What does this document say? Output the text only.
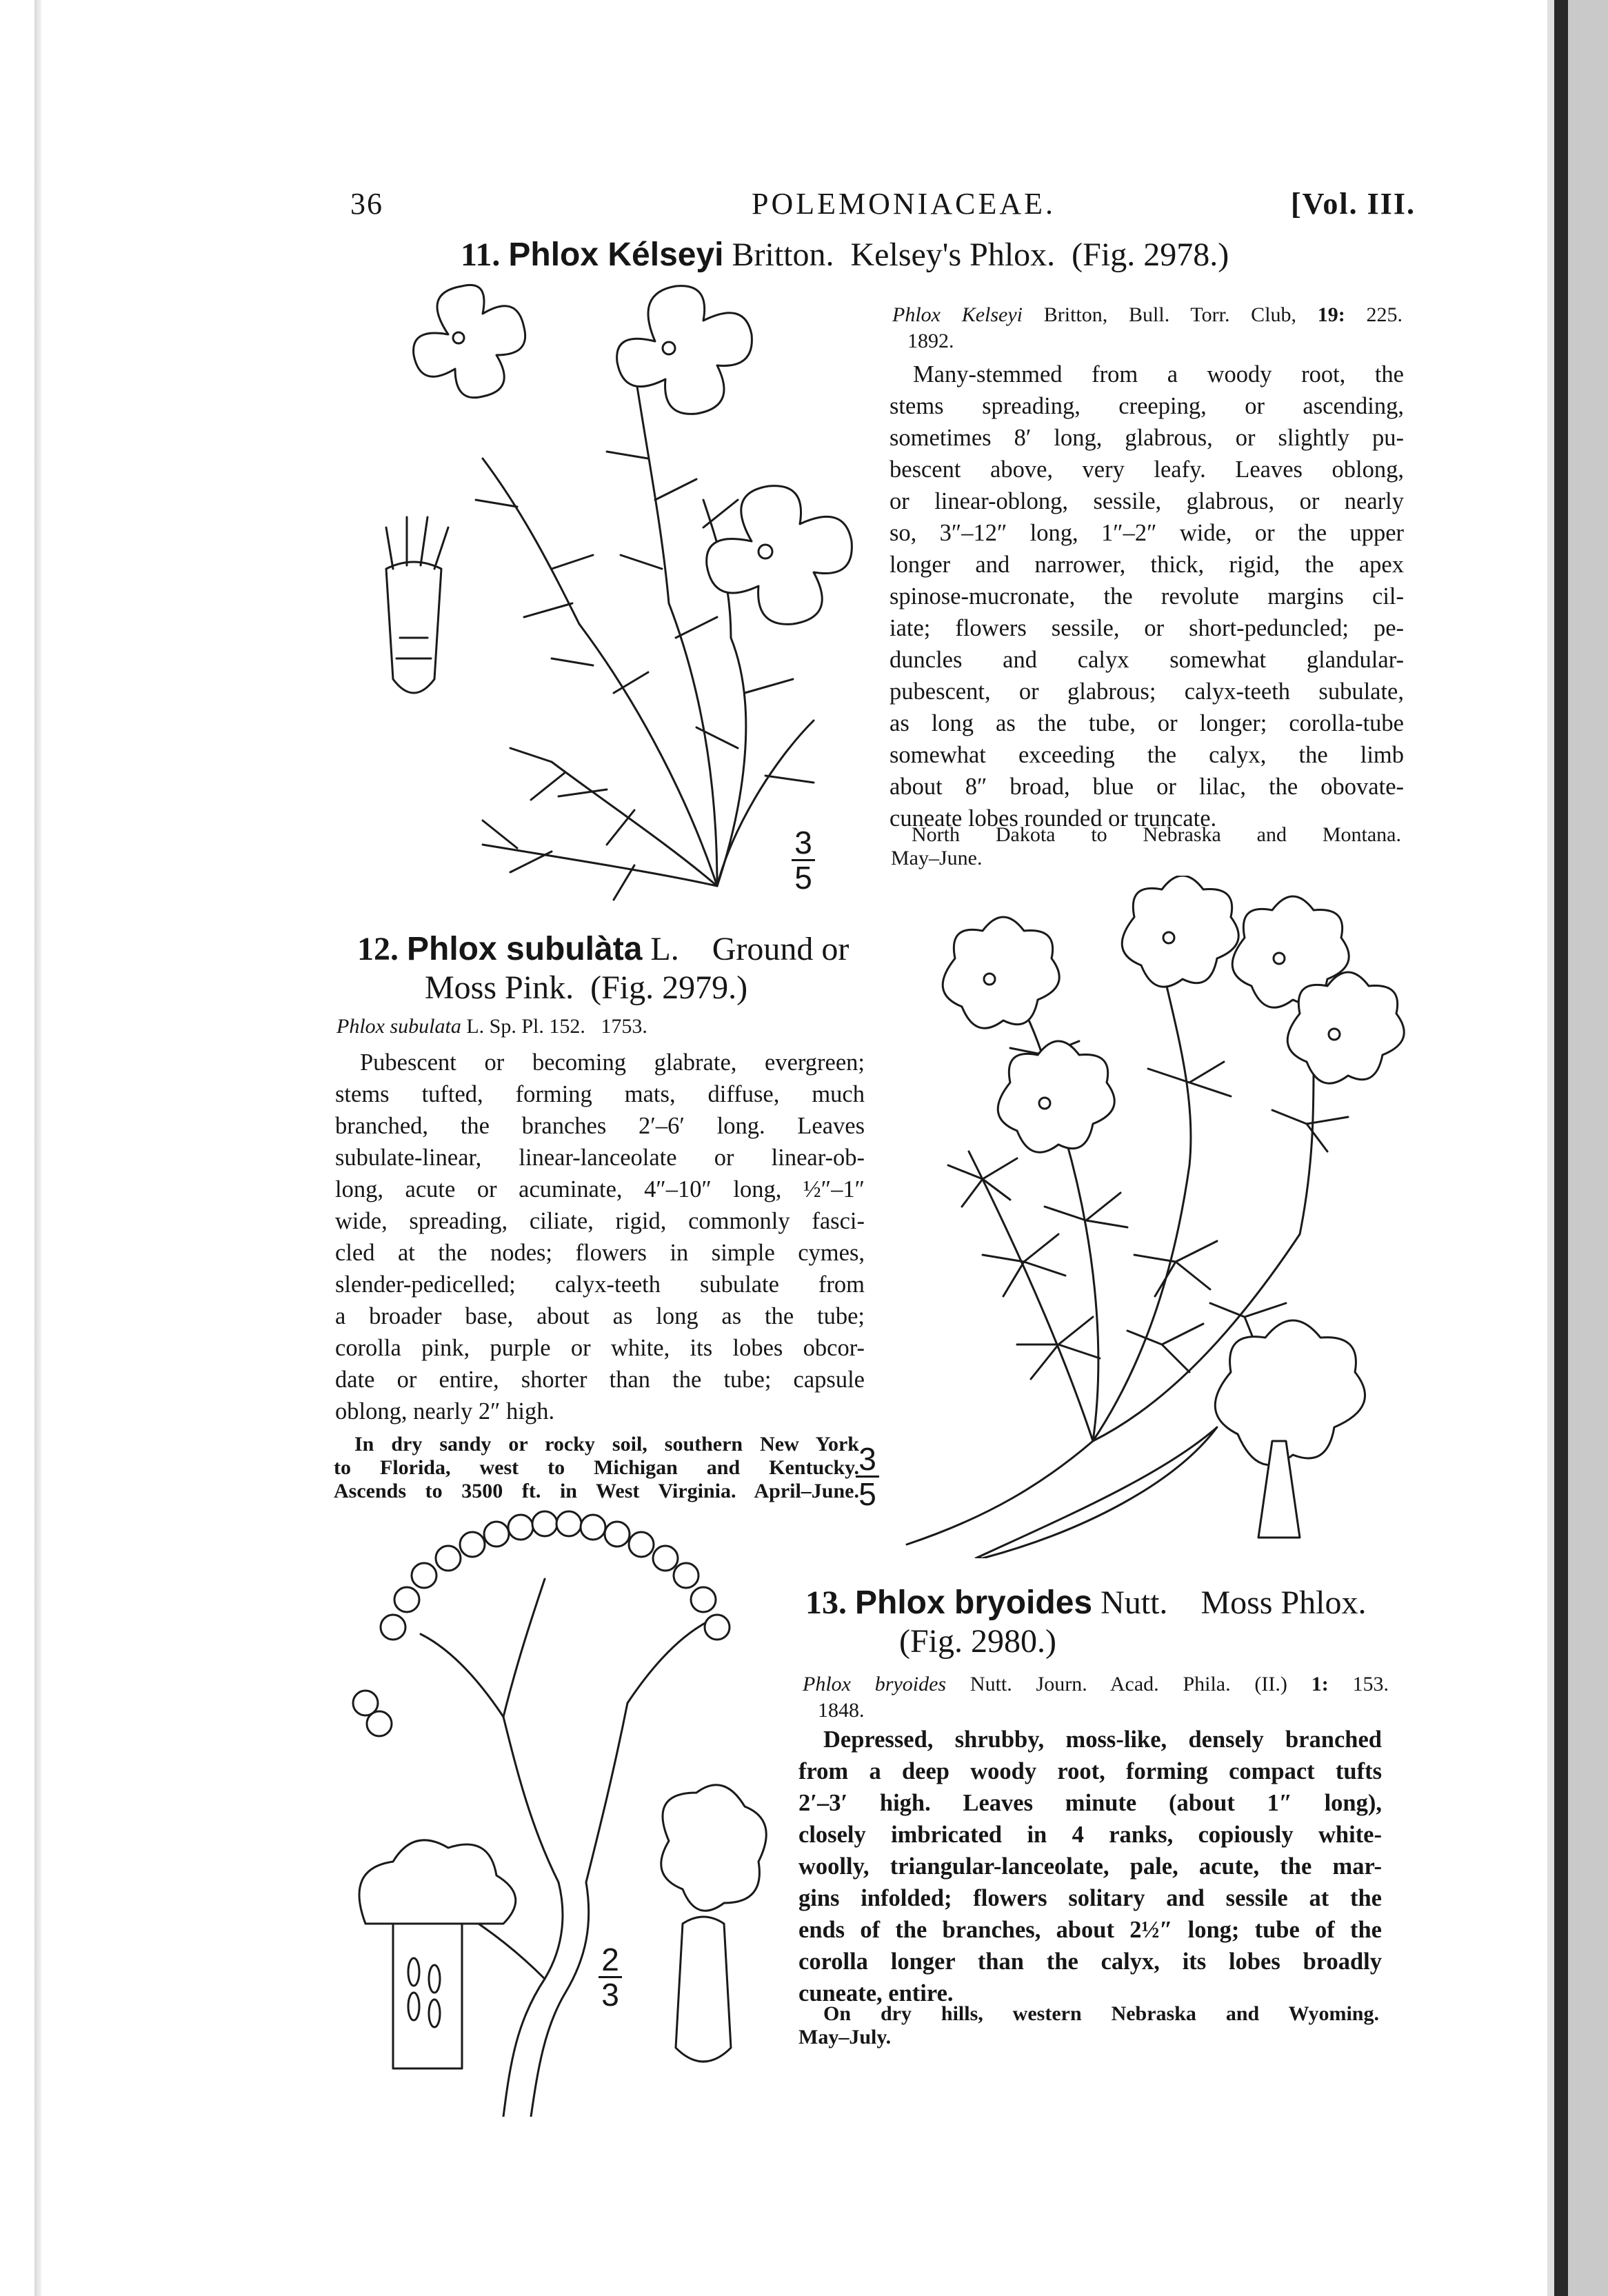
36	POLEMONIACEAE.	[Vol. III.
11. Phlox Kélseyi Britton. Kelsey's Phlox. (Fig. 2978.)
Phlox Kelseyi Britton, Bull. Torr. Club, 19: 225.
1892.
Many-stemmed from a woody root, the
stems spreading, creeping, or ascending,
sometimes 8′ long, glabrous, or slightly pu-
bescent above, very leafy. Leaves oblong,
or linear-oblong, sessile, glabrous, or nearly
so, 3″–12″ long, 1″–2″ wide, or the upper
longer and narrower, thick, rigid, the apex
spinose-mucronate, the revolute margins cil-
iate; flowers sessile, or short-peduncled; pe-
duncles and calyx somewhat glandular-
pubescent, or glabrous; calyx-teeth subulate,
as long as the tube, or longer; corolla-tube
somewhat exceeding the calyx, the limb
about 8″ broad, blue or lilac, the obovate-
cuneate lobes rounded or truncate.
North Dakota to Nebraska and Montana.
May–June.
3
5
12. Phlox subulàta L. Ground or
Moss Pink. (Fig. 2979.)
Phlox subulata L. Sp. Pl. 152. 1753.
Pubescent or becoming glabrate, evergreen;
stems tufted, forming mats, diffuse, much
branched, the branches 2′–6′ long. Leaves
subulate-linear, linear-lanceolate or linear-ob-
long, acute or acuminate, 4″–10″ long, ½″–1″
wide, spreading, ciliate, rigid, commonly fasci-
cled at the nodes; flowers in simple cymes,
slender-pedicelled; calyx-teeth subulate from
a broader base, about as long as the tube;
corolla pink, purple or white, its lobes obcor-
date or entire, shorter than the tube; capsule
oblong, nearly 2″ high.
In dry sandy or rocky soil, southern New York
to Florida, west to Michigan and Kentucky.
Ascends to 3500 ft. in West Virginia. April–June.
3
5
13. Phlox bryoides Nutt. Moss Phlox.
(Fig. 2980.)
Phlox bryoides Nutt. Journ. Acad. Phila. (II.) 1: 153.
1848.
Depressed, shrubby, moss-like, densely branched
from a deep woody root, forming compact tufts
2′–3′ high. Leaves minute (about 1″ long),
closely imbricated in 4 ranks, copiously white-
woolly, triangular-lanceolate, pale, acute, the mar-
gins infolded; flowers solitary and sessile at the
ends of the branches, about 2½″ long; tube of the
corolla longer than the calyx, its lobes broadly
cuneate, entire.
On dry hills, western Nebraska and Wyoming.
May–July.
2
3
